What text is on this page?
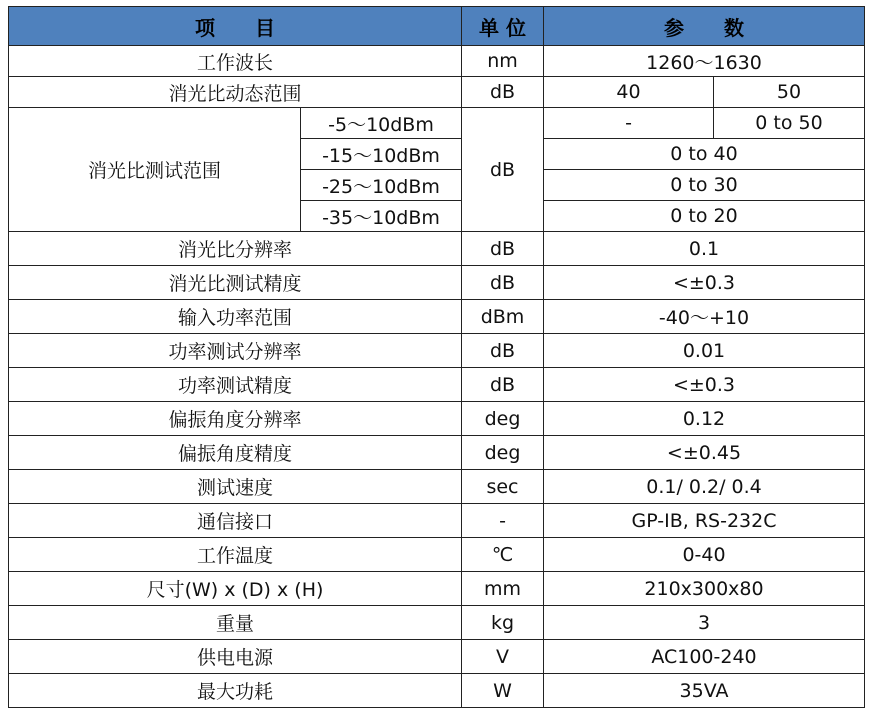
项　　目		单 位	参　　数	
工作波长		nm	1260～1630	
消光比动态范围		dB	40	50
消光比测试范围	-5～10dBm	dB	-	0 to 50
	-15～10dBm		0 to 40	
	-25～10dBm		0 to 30	
	-35～10dBm		0 to 20	
消光比分辨率		dB	0.1	
消光比测试精度		dB	<±0.3	
输入功率范围		dBm	-40～+10	
功率测试分辨率		dB	0.01	
功率测试精度		dB	<±0.3	
偏振角度分辨率		deg	0.12	
偏振角度精度		deg	<±0.45	
测试速度		sec	0.1/ 0.2/ 0.4	
通信接口		-	GP-IB, RS-232C	
工作温度		℃	0-40	
尺寸(W) x (D) x (H)		mm	210x300x80	
重量		kg	3	
供电电源		V	AC100-240	
最大功耗		W	35VA	
